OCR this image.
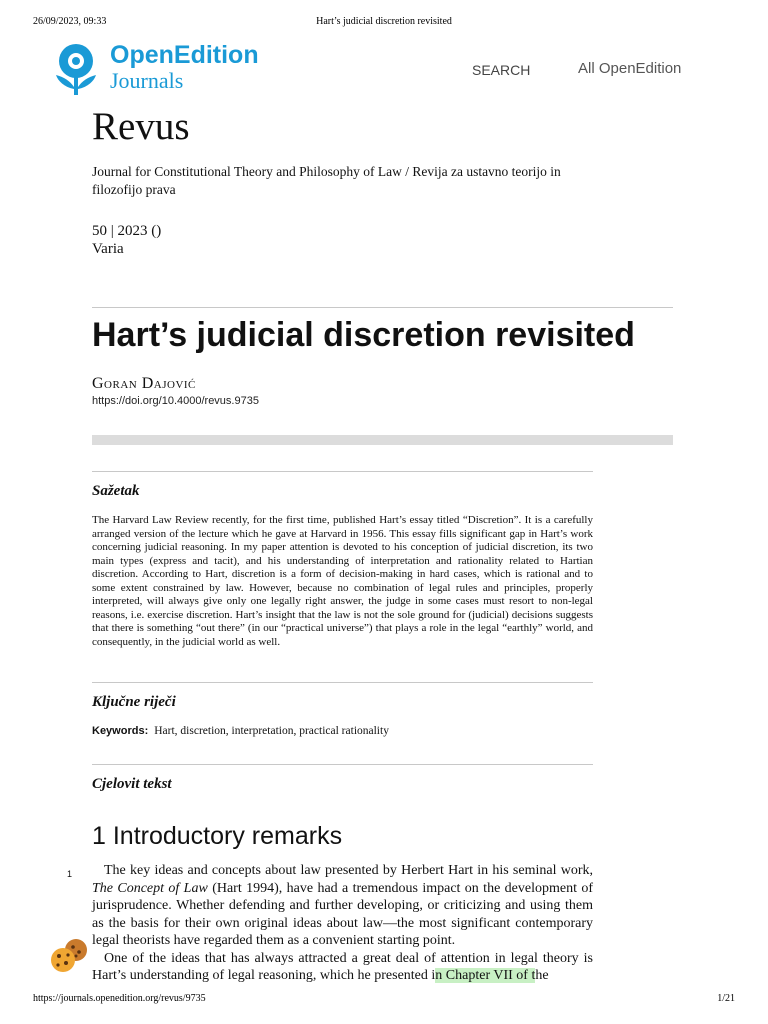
26/09/2023, 09:33	Hart’s judicial discretion revisited
OpenEdition
Journals	SEARCH	All OpenEdition
Revus
Journal for Constitutional Theory and Philosophy of Law / Revija za ustavno teorijo in filozofijo prava
50 | 2023 ()
Varia
Hart’s judicial discretion revisited
Goran Dajović
https://doi.org/10.4000/revus.9735
Sažetak
The Harvard Law Review recently, for the first time, published Hart’s essay titled “Discretion”. It is a carefully arranged version of the lecture which he gave at Harvard in 1956. This essay fills significant gap in Hart’s work concerning judicial reasoning. In my paper attention is devoted to his conception of judicial discretion, its two main types (express and tacit), and his understanding of interpretation and rationality related to Hartian discretion. According to Hart, discretion is a form of decision-making in hard cases, which is rational and to some extent constrained by law. However, because no combination of legal rules and principles, properly interpreted, will always give only one legally right answer, the judge in some cases must resort to non-legal reasons, i.e. exercise discretion. Hart’s insight that the law is not the sole ground for (judicial) decisions suggests that there is something “out there” (in our “practical universe”) that plays a role in the legal “earthly” world, and consequently, in the judicial world as well.
Ključne riječi
Keywords: Hart, discretion, interpretation, practical rationality
Cjelovit tekst
1 Introductory remarks
1	The key ideas and concepts about law presented by Herbert Hart in his seminal work, The Concept of Law (Hart 1994), have had a tremendous impact on the development of jurisprudence. Whether defending and further developing, or criticizing and using them as the basis for their own original ideas about law—the most significant contemporary legal theorists have regarded them as a convenient starting point.

One of the ideas that has always attracted a great deal of attention in legal theory is Hart’s understanding of legal reasoning, which he presented in Chapter VII of the

https://journals.openedition.org/revus/9735	1/21
